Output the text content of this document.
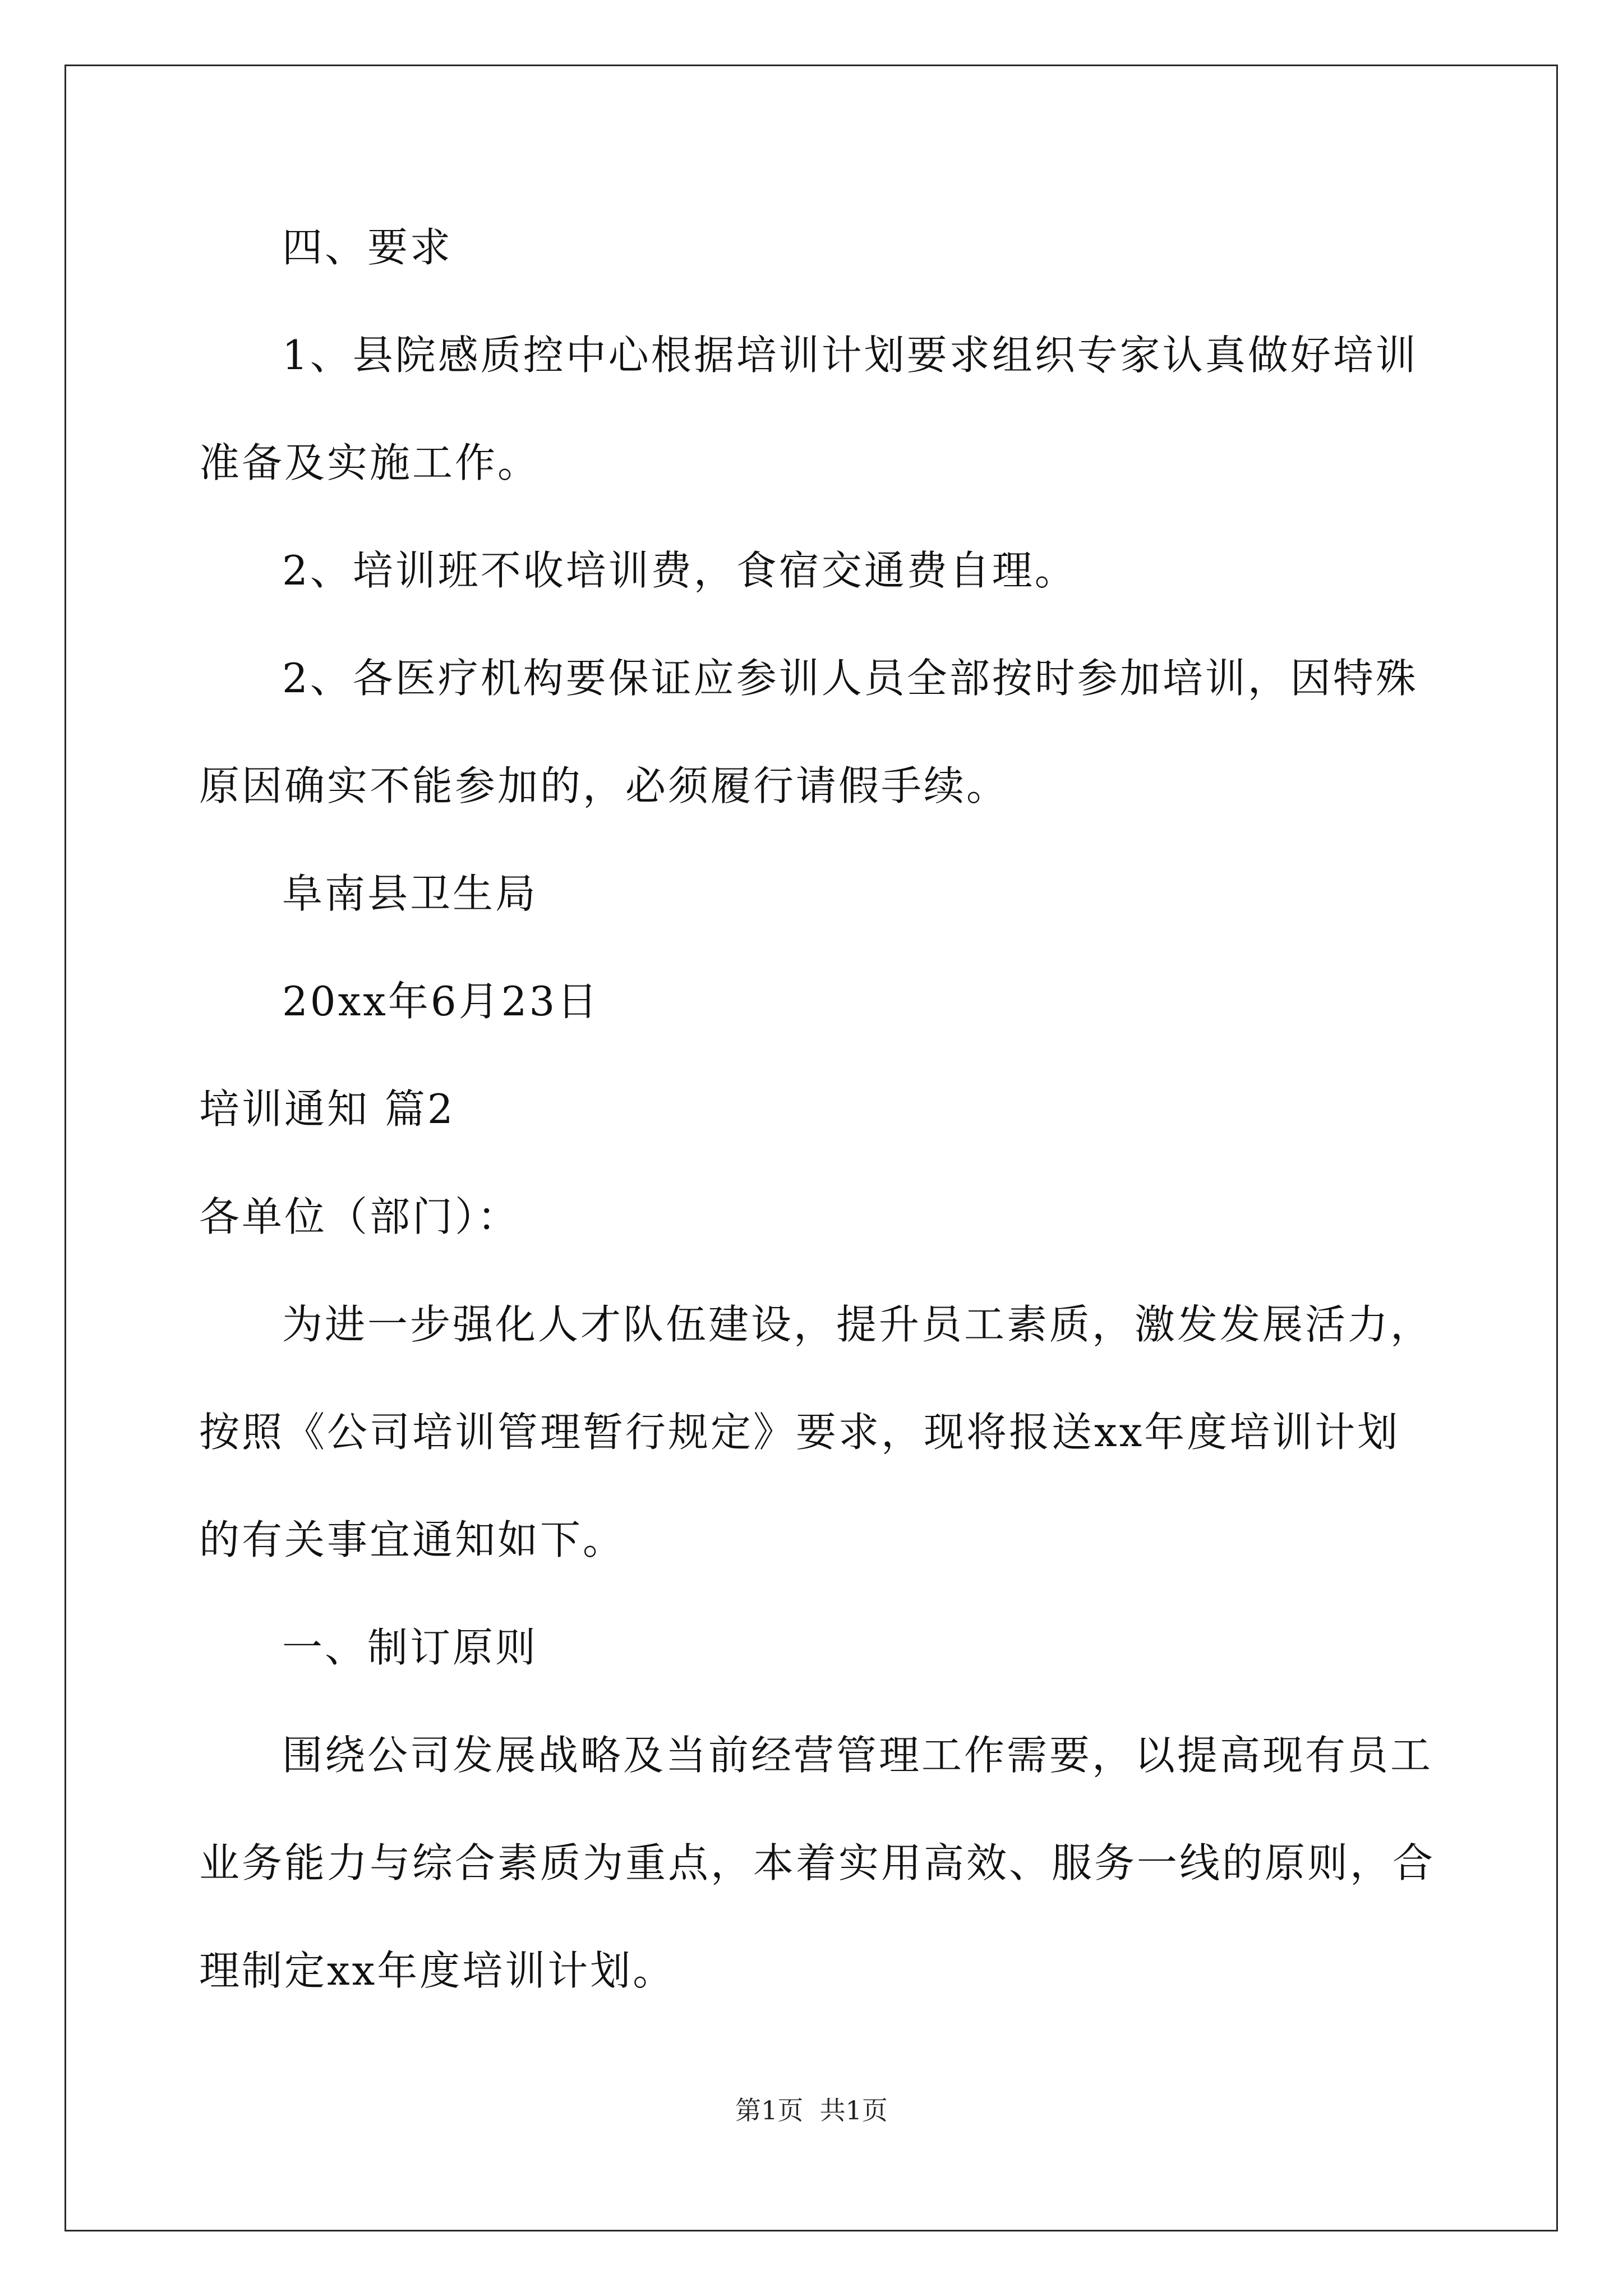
四、要求

1、县院感质控中心根据培训计划要求组织专家认真做好培训准备及实施工作。

2、培训班不收培训费，食宿交通费自理。

2、各医疗机构要保证应参训人员全部按时参加培训，因特殊原因确实不能参加的，必须履行请假手续。

阜南县卫生局

20xx年6月23日

培训通知 篇2

各单位（部门）：

为进一步强化人才队伍建设，提升员工素质，激发发展活力，按照《公司培训管理暂行规定》要求，现将报送xx年度培训计划的有关事宜通知如下。

一、制订原则

围绕公司发展战略及当前经营管理工作需要，以提高现有员工业务能力与综合素质为重点，本着实用高效、服务一线的原则，合理制定xx年度培训计划。

第1页  共1页
